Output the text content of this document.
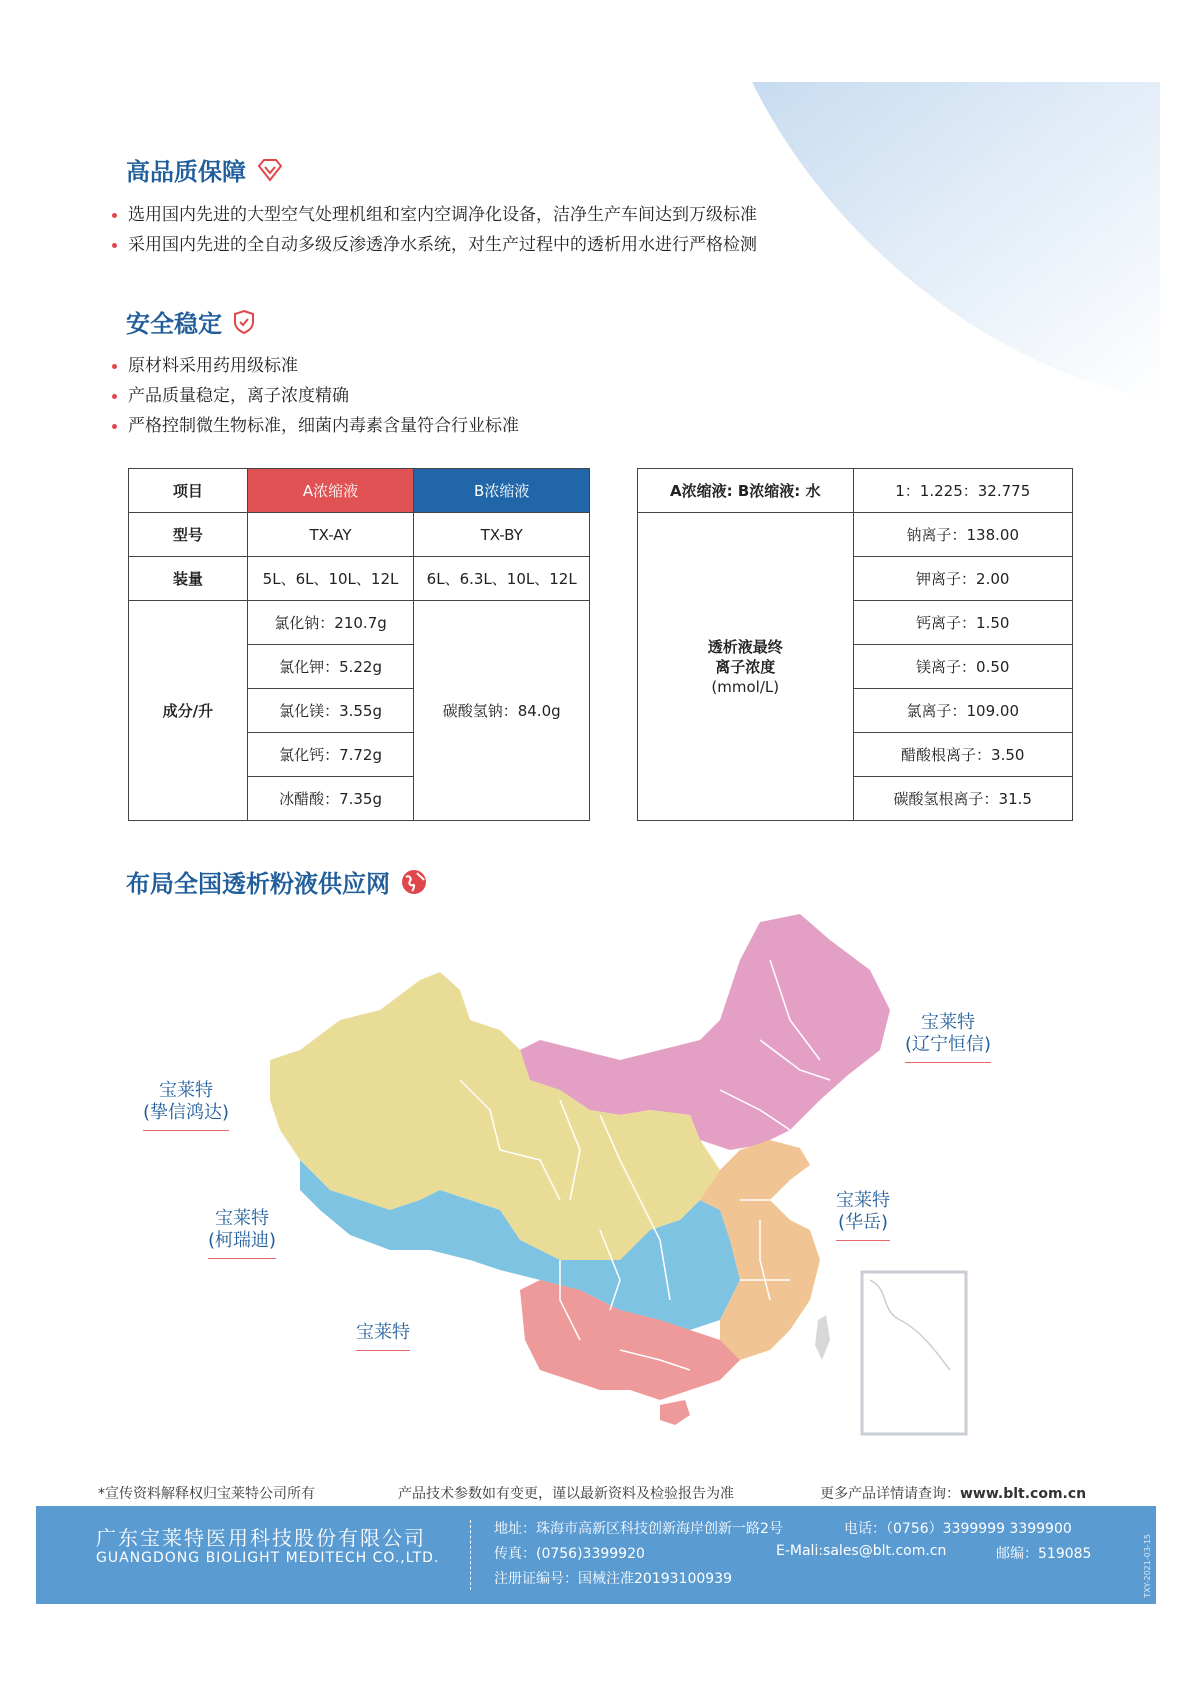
高品质保障
选用国内先进的大型空气处理机组和室内空调净化设备，洁净生产车间达到万级标准
采用国内先进的全自动多级反渗透净水系统，对生产过程中的透析用水进行严格检测
安全稳定
原材料采用药用级标准
产品质量稳定，离子浓度精确
严格控制微生物标准，细菌内毒素含量符合行业标准
项目	A浓缩液	B浓缩液
型号	TX-AY	TX-BY
装量	5L、6L、10L、12L	6L、6.3L、10L、12L
成分/升	氯化钠：210.7g	碳酸氢钠：84.0g
	氯化钾：5.22g	
	氯化镁：3.55g	
	氯化钙：7.72g	
	冰醋酸：7.35g	
A浓缩液: B浓缩液: 水	1：1.225：32.775

透析液最终
离子浓度
(mmol/L)	钠离子：138.00
	钾离子：2.00
	钙离子：1.50
	镁离子：0.50
	氯离子：109.00
	醋酸根离子：3.50
	碳酸氢根离子：31.5
布局全国透析粉液供应网
宝莱特
(辽宁恒信)
宝莱特
(挚信鸿达)
宝莱特
(柯瑞迪)
宝莱特
(华岳)
宝莱特
*宣传资料解释权归宝莱特公司所有	产品技术参数如有变更，谨以最新资料及检验报告为准	更多产品详情请查询：www.blt.com.cn
广东宝莱特医用科技股份有限公司
GUANGDONG BIOLIGHT MEDITECH CO.,LTD.
地址：珠海市高新区科技创新海岸创新一路2号	电话：（0756）3399999 3399900
传真：(0756)3399920	E-Mali:sales@blt.com.cn	邮编：519085
注册证编号：国械注准20193100939	TXY-2021-03-15
